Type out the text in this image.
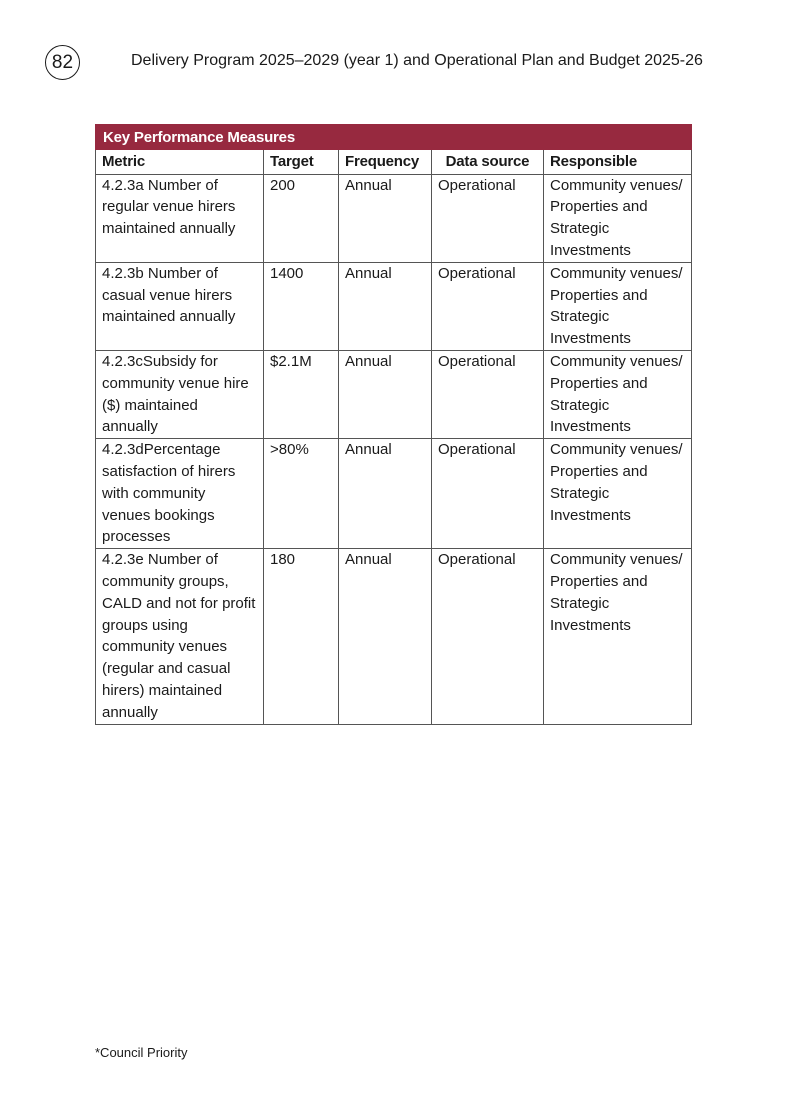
82	Delivery Program 2025–2029 (year 1) and Operational Plan and Budget 2025-26
Key Performance Measures				
Metric	Target	Frequency	Data source	Responsible
4.2.3a Number of regular venue hirers maintained annually	200	Annual	Operational	Community venues/ Properties and Strategic Investments
4.2.3b Number of casual venue hirers maintained annually	1400	Annual	Operational	Community venues/ Properties and Strategic Investments
4.2.3cSubsidy for community venue hire ($) maintained annually	$2.1M	Annual	Operational	Community venues/ Properties and Strategic Investments
4.2.3dPercentage satisfaction of hirers with community venues bookings processes	>80%	Annual	Operational	Community venues/ Properties and Strategic Investments
4.2.3e Number of community groups, CALD and not for profit groups using community venues (regular and casual hirers) maintained annually	180	Annual	Operational	Community venues/ Properties and Strategic Investments
*Council Priority
